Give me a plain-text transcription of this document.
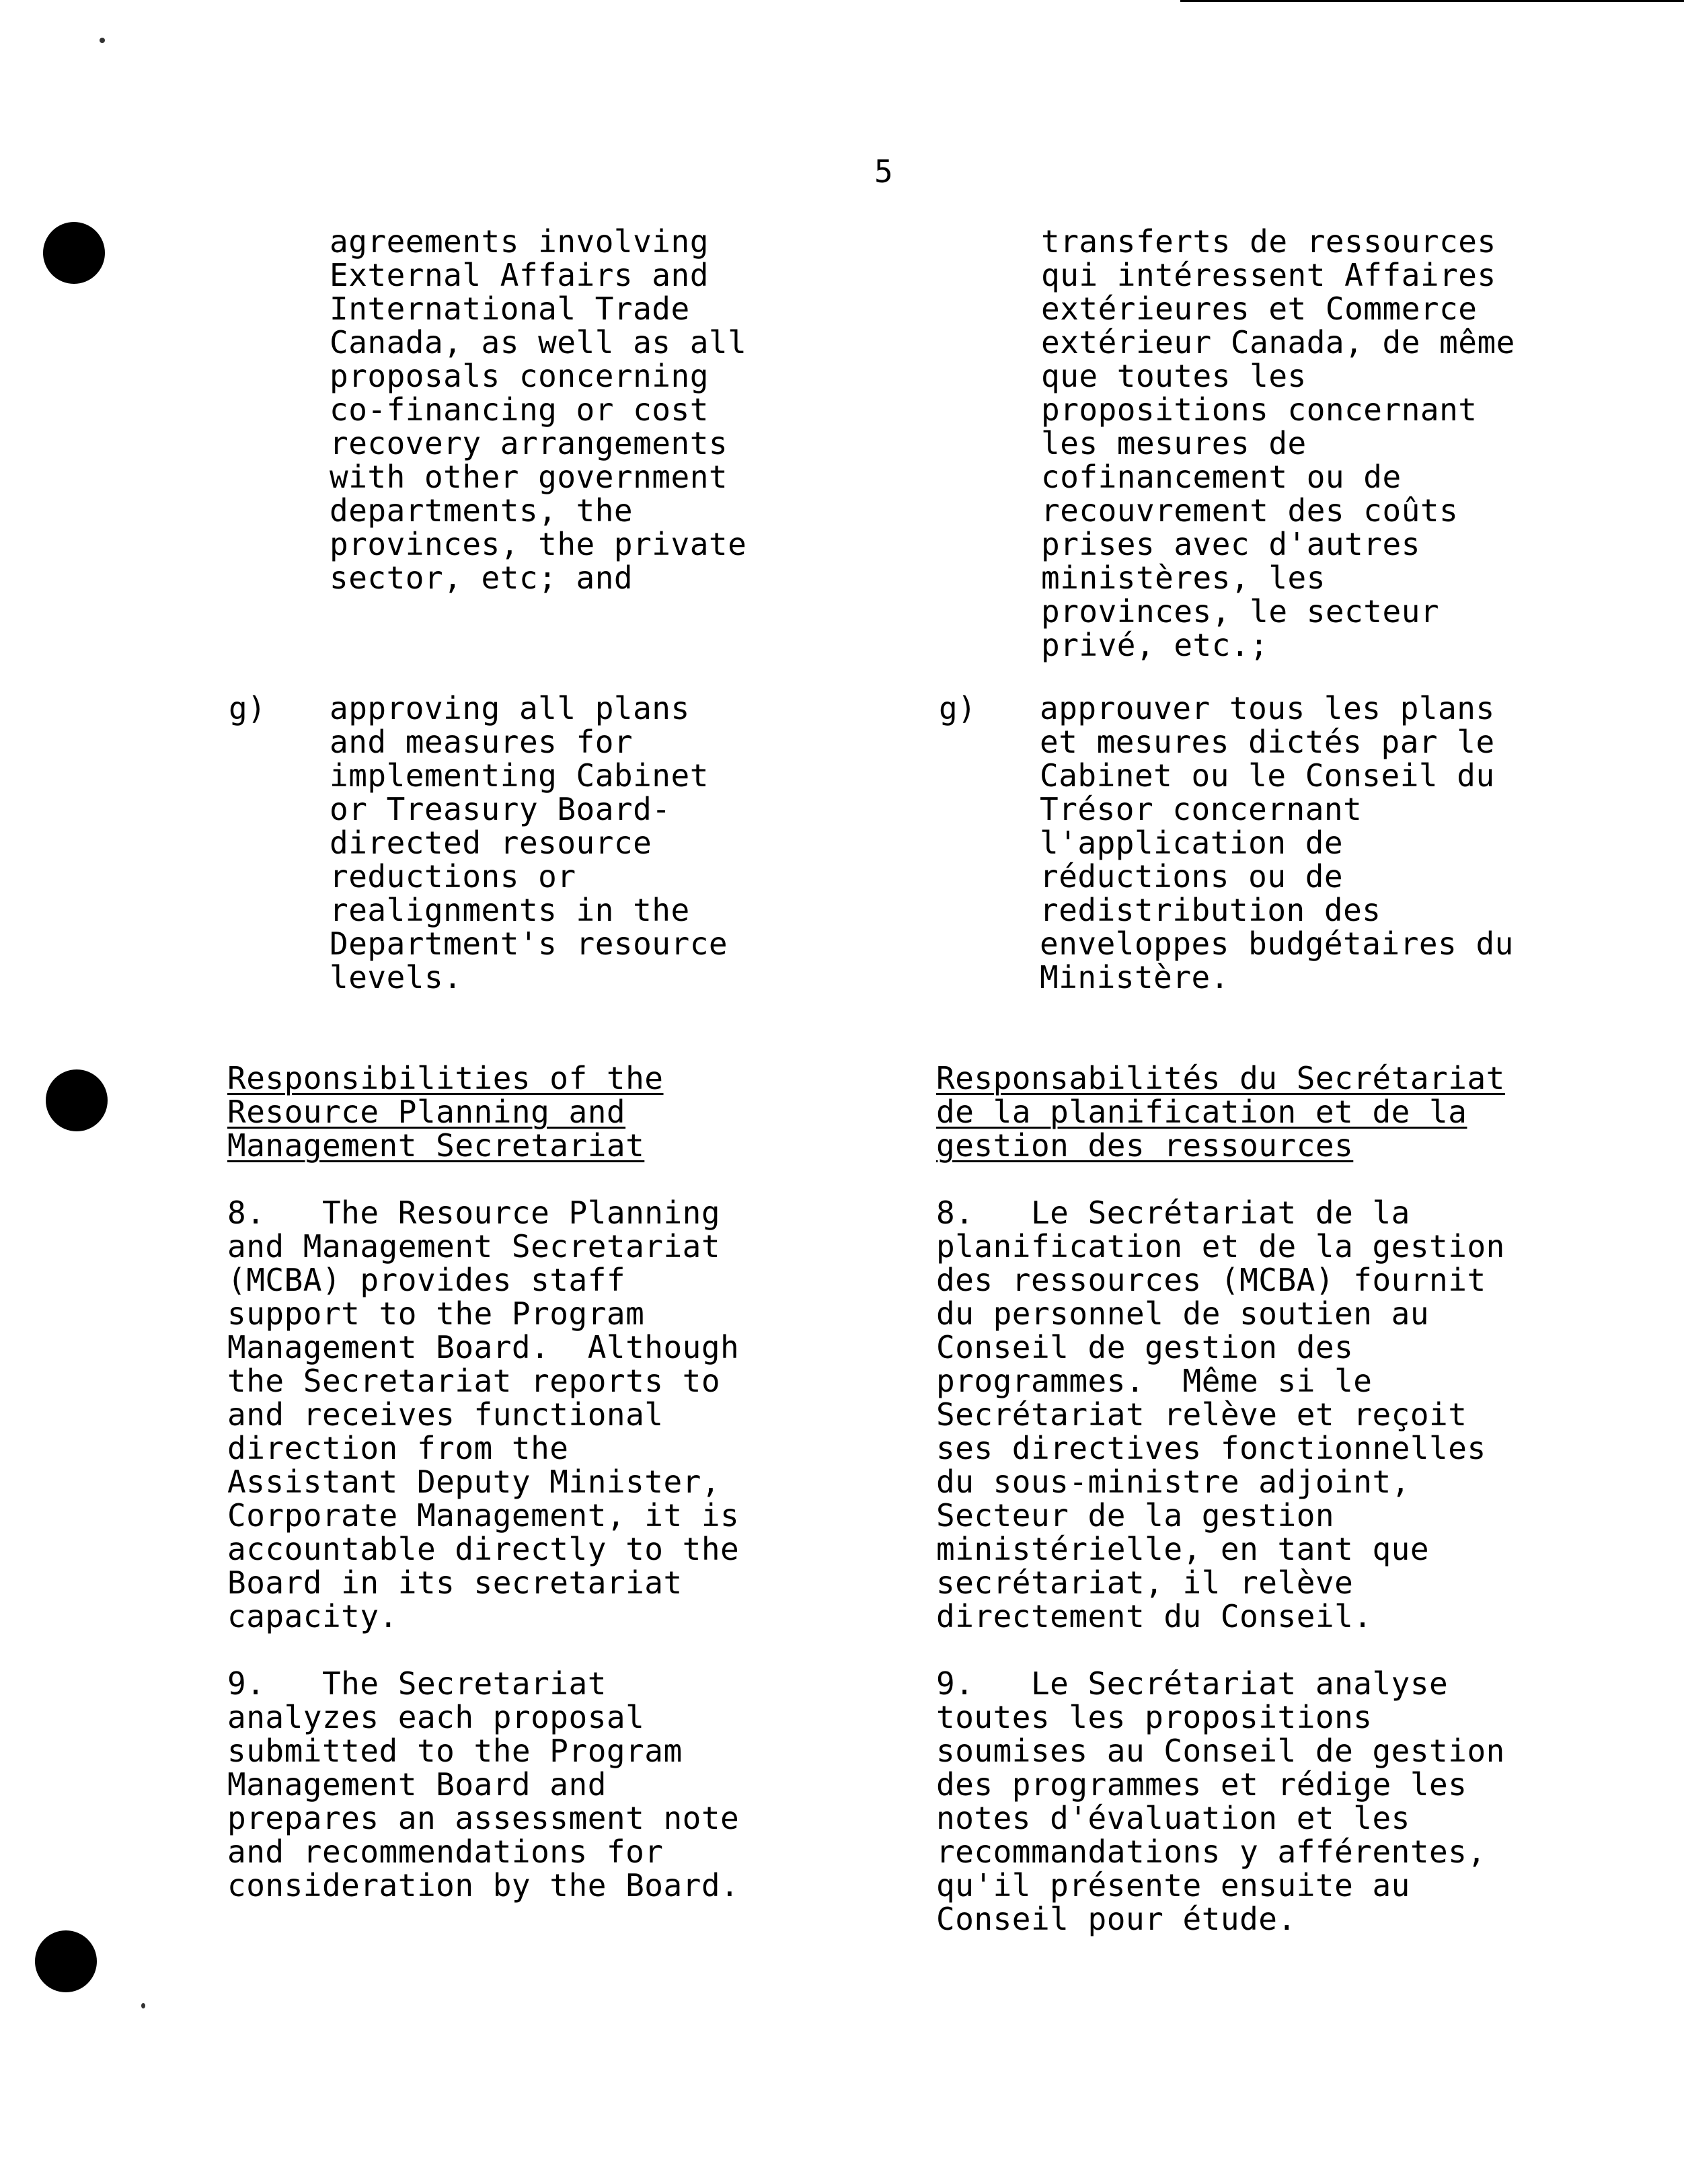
5
agreements involving
External Affairs and
International Trade
Canada, as well as all
proposals concerning
co-financing or cost
recovery arrangements
with other government
departments, the
provinces, the private
sector, etc; and
g) approving all plans
and measures for
implementing Cabinet
or Treasury Board-
directed resource
reductions or
realignments in the
Department's resource
levels.
Responsibilities of the
Resource Planning and
Management Secretariat
8.   The Resource Planning
and Management Secretariat
(MCBA) provides staff
support to the Program
Management Board.  Although
the Secretariat reports to
and receives functional
direction from the
Assistant Deputy Minister,
Corporate Management, it is
accountable directly to the
Board in its secretariat
capacity.
9.   The Secretariat
analyzes each proposal
submitted to the Program
Management Board and
prepares an assessment note
and recommendations for
consideration by the Board.
transferts de ressources
qui intéressent Affaires
extérieures et Commerce
extérieur Canada, de même
que toutes les
propositions concernant
les mesures de
cofinancement ou de
recouvrement des coûts
prises avec d'autres
ministères, les
provinces, le secteur
privé, etc.;
g) approuver tous les plans
et mesures dictés par le
Cabinet ou le Conseil du
Trésor concernant
l'application de
réductions ou de
redistribution des
enveloppes budgétaires du
Ministère.
Responsabilités du Secrétariat
de la planification et de la
gestion des ressources
8.   Le Secrétariat de la
planification et de la gestion
des ressources (MCBA) fournit
du personnel de soutien au
Conseil de gestion des
programmes.  Même si le
Secrétariat relève et reçoit
ses directives fonctionnelles
du sous-ministre adjoint,
Secteur de la gestion
ministérielle, en tant que
secrétariat, il relève
directement du Conseil.
9.   Le Secrétariat analyse
toutes les propositions
soumises au Conseil de gestion
des programmes et rédige les
notes d'évaluation et les
recommandations y afférentes,
qu'il présente ensuite au
Conseil pour étude.
